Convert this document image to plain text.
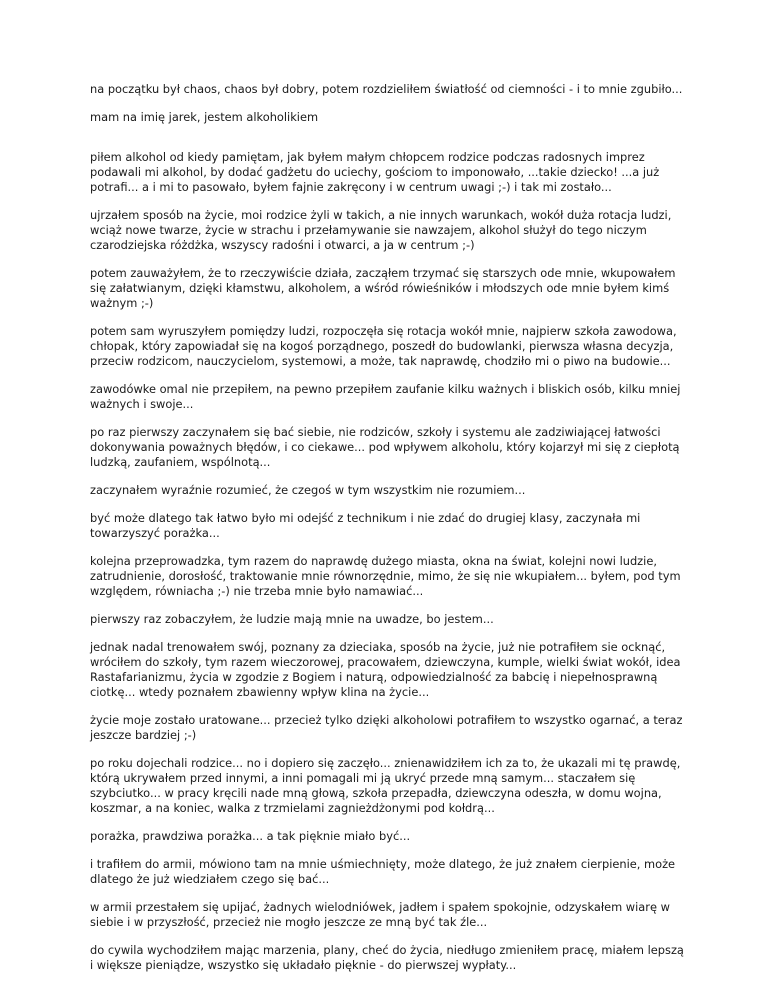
na początku był chaos, chaos był dobry, potem rozdzieliłem światłość od ciemności - i to mnie zgubiło...

mam na imię jarek, jestem alkoholikiem

piłem alkohol od kiedy pamiętam, jak byłem małym chłopcem rodzice podczas radosnych imprez podawali mi alkohol, by dodać gadżetu do uciechy, gościom to imponowało, ...takie dziecko! ...a już potrafi... a i mi to pasowało, byłem fajnie zakręcony i w centrum uwagi ;-) i tak mi zostało...

ujrzałem sposób na życie, moi rodzice żyli w takich, a nie innych warunkach, wokół duża rotacja ludzi, wciąż nowe twarze, życie w strachu i przełamywanie sie nawzajem, alkohol służył do tego niczym czarodziejska różdżka, wszyscy radośni i otwarci, a ja w centrum ;-)

potem zauważyłem, że to rzeczywiście działa, zacząłem trzymać się starszych ode mnie, wkupowałem się załatwianym, dzięki kłamstwu, alkoholem, a wśród rówieśników i młodszych ode mnie byłem kimś ważnym ;-)

potem sam wyruszyłem pomiędzy ludzi, rozpoczęła się rotacja wokół mnie, najpierw szkoła zawodowa, chłopak, który zapowiadał się na kogoś porządnego, poszedł do budowlanki, pierwsza własna decyzja, przeciw rodzicom, nauczycielom, systemowi, a może, tak naprawdę, chodziło mi o piwo na budowie...

zawodówke omal nie przepiłem, na pewno przepiłem zaufanie kilku ważnych i bliskich osób, kilku mniej ważnych i swoje...

po raz pierwszy zaczynałem się bać siebie, nie rodziców, szkoły i systemu ale zadziwiającej łatwości dokonywania poważnych błędów, i co ciekawe... pod wpływem alkoholu, który kojarzył mi się z ciepłotą ludzką, zaufaniem, wspólnotą...

zaczynałem wyraźnie rozumieć, że czegoś w tym wszystkim nie rozumiem...

być może dlatego tak łatwo było mi odejść z technikum i nie zdać do drugiej klasy, zaczynała mi towarzyszyć porażka...

kolejna przeprowadzka, tym razem do naprawdę dużego miasta, okna na świat, kolejni nowi ludzie, zatrudnienie, dorosłość, traktowanie mnie równorzędnie, mimo, że się nie wkupiałem... byłem, pod tym względem, równiacha ;-) nie trzeba mnie było namawiać...

pierwszy raz zobaczyłem, że ludzie mają mnie na uwadze, bo jestem...

jednak nadal trenowałem swój, poznany za dzieciaka, sposób na życie, już nie potrafiłem sie ocknąć, wróciłem do szkoły, tym razem wieczorowej, pracowałem, dziewczyna, kumple, wielki świat wokół, idea Rastafarianizmu, życia w zgodzie z Bogiem i naturą, odpowiedzialność za babcię i niepełnosprawną ciotkę... wtedy poznałem zbawienny wpływ klina na życie...

życie moje zostało uratowane... przecież tylko dzięki alkoholowi potrafiłem to wszystko ogarnać, a teraz jeszcze bardziej ;-)

po roku dojechali rodzice... no i dopiero się zaczęło... znienawidziłem ich za to, że ukazali mi tę prawdę, którą ukrywałem przed innymi, a inni pomagali mi ją ukryć przede mną samym... staczałem się szybciutko... w pracy kręcili nade mną głową, szkoła przepadła, dziewczyna odeszła, w domu wojna, koszmar, a na koniec, walka z trzmielami zagnieżdżonymi pod kołdrą...

porażka, prawdziwa porażka... a tak pięknie miało być...

i trafiłem do armii, mówiono tam na mnie uśmiechnięty, może dlatego, że już znałem cierpienie, może dlatego że już wiedziałem czego się bać...

w armii przestałem się upijać, żadnych wielodniówek, jadłem i spałem spokojnie, odzyskałem wiarę w siebie i w przyszłość, przecież nie mogło jeszcze ze mną być tak źle...

do cywila wychodziłem mając marzenia, plany, cheć do życia, niedługo zmieniłem pracę, miałem lepszą i większe pieniądze, wszystko się układało pięknie - do pierwszej wypłaty...
